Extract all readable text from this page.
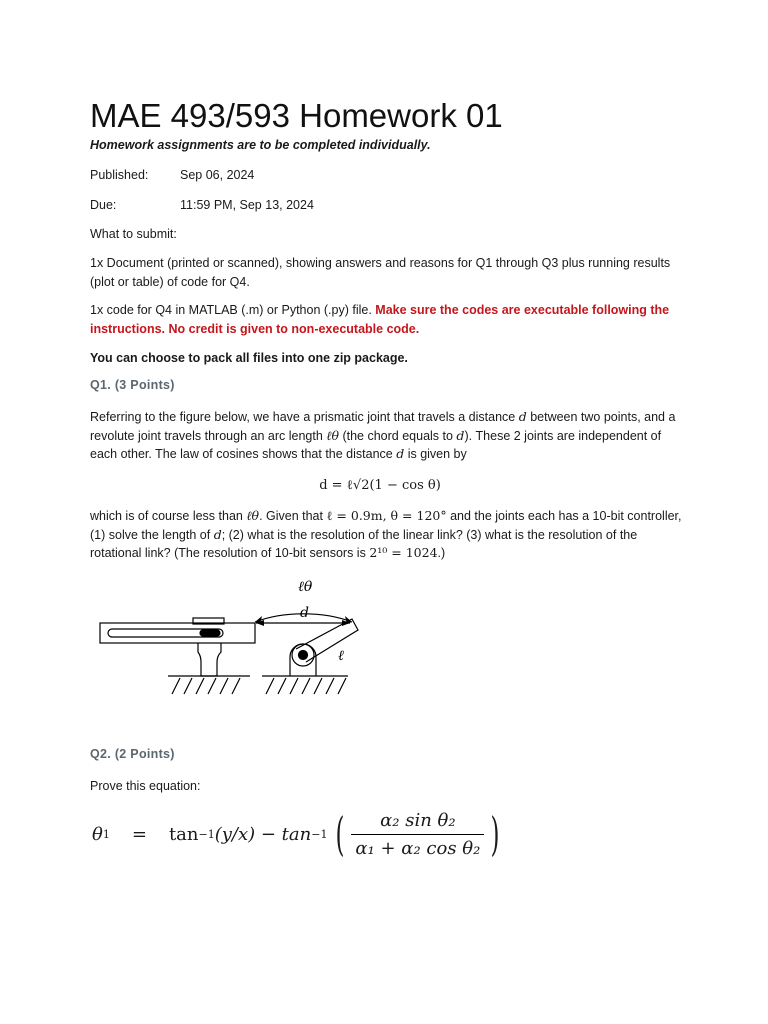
MAE 493/593 Homework 01
Homework assignments are to be completed individually.
Published:	Sep 06, 2024
Due:	11:59 PM, Sep 13, 2024
What to submit:
1x Document (printed or scanned), showing answers and reasons for Q1 through Q3 plus running results (plot or table) of code for Q4.
1x code for Q4 in MATLAB (.m) or Python (.py) file. Make sure the codes are executable following the instructions. No credit is given to non-executable code.
You can choose to pack all files into one zip package.
Q1. (3 Points)
Referring to the figure below, we have a prismatic joint that travels a distance d between two points, and a revolute joint travels through an arc length ℓθ (the chord equals to d). These 2 joints are independent of each other. The law of cosines shows that the distance d is given by
d = ℓ√2(1 − cos θ)
which is of course less than ℓθ. Given that ℓ = 0.9m, θ = 120° and the joints each has a 10-bit controller, (1) solve the length of d; (2) what is the resolution of the linear link? (3) what is the resolution of the rotational link? (The resolution of 10-bit sensors is 2¹⁰ = 1024.)
ℓθ
d
ℓ
Q2. (2 Points)
Prove this equation:
θ 1 = tan −1 (y/x) − tan −1 ( $\frac{\text{α₂ sin θ₂}}{\text{α₁ + α₂ cos θ₂}}$ )
